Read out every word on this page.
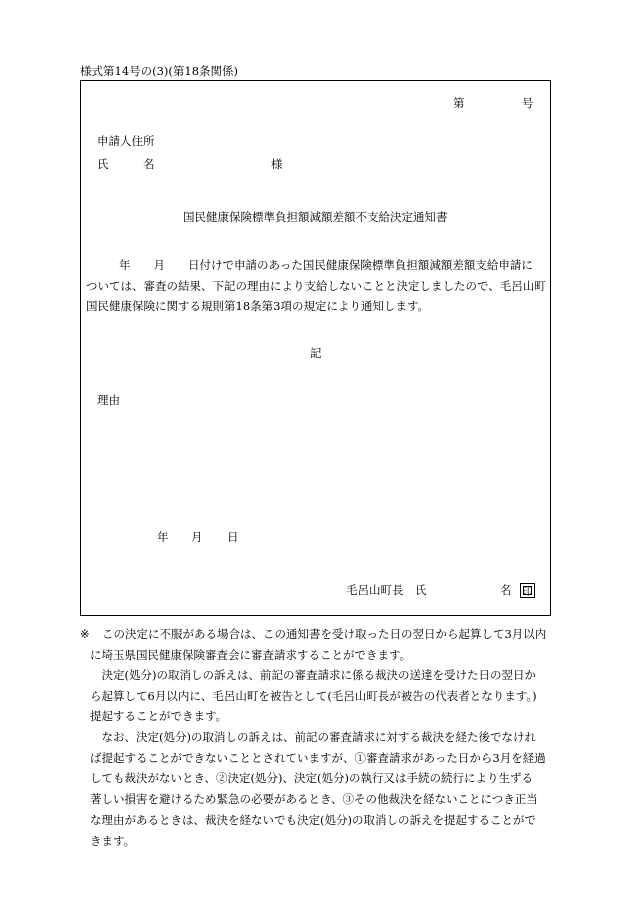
様式第14号の(3)(第18条関係)
第	号
申請人住所
氏	名	様
国民健康保険標準負担額減額差額不支給決定通知書
　　年　　月　　日付けで申請のあった国民健康保険標準負担額減額差額支給申請に
ついては、審査の結果、下記の理由により支給しないことと決定しましたので、毛呂山町
国民健康保険に関する規則第18条第3項の規定により通知します。
記
理由
年 月 日
毛呂山町長　氏	名 印
※	この決定に不服がある場合は、この通知書を受け取った日の翌日から起算して3月以内
に埼玉県国民健康保険審査会に審査請求することができます。
　決定(処分)の取消しの訴えは、前記の審査請求に係る裁決の送達を受けた日の翌日か
ら起算して6月以内に、毛呂山町を被告として(毛呂山町長が被告の代表者となります。)
提起することができます。
　なお、決定(処分)の取消しの訴えは、前記の審査請求に対する裁決を経た後でなけれ
ば提起することができないこととされていますが、①審査請求があった日から3月を経過
しても裁決がないとき、②決定(処分)、決定(処分)の執行又は手続の続行により生ずる
著しい損害を避けるため緊急の必要があるとき、③その他裁決を経ないことにつき正当
な理由があるときは、裁決を経ないでも決定(処分)の取消しの訴えを提起することがで
きます。
